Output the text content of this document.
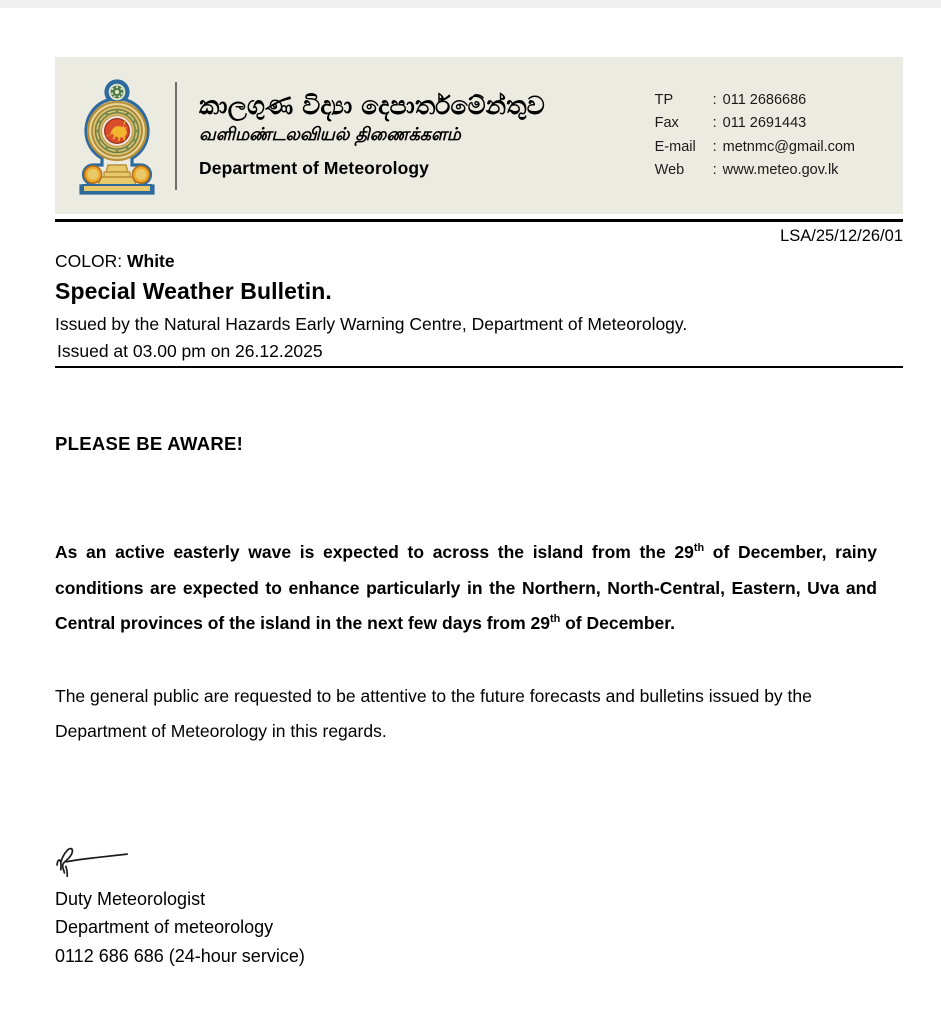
කාලගුණ විද්‍යා දෙපාර්තමේන්තුව
வளிமண்டலவியல் திணைக்களம்
Department of Meteorology
TP	: 011 2686686
Fax	: 011 2691443
E-mail	: metnmc@gmail.com
Web	: www.meteo.gov.lk
LSA/25/12/26/01
COLOR: White
Special Weather Bulletin.
Issued by the Natural Hazards Early Warning Centre, Department of Meteorology.
Issued at 03.00 pm on 26.12.2025
PLEASE BE AWARE!
As an active easterly wave is expected to across the island from the 29th of December, rainy conditions are expected to enhance particularly in the Northern, North-Central, Eastern, Uva and Central provinces of the island in the next few days from 29th of December.
The general public are requested to be attentive to the future forecasts and bulletins issued by the Department of Meteorology in this regards.
Duty Meteorologist
Department of meteorology
0112 686 686 (24-hour service)
